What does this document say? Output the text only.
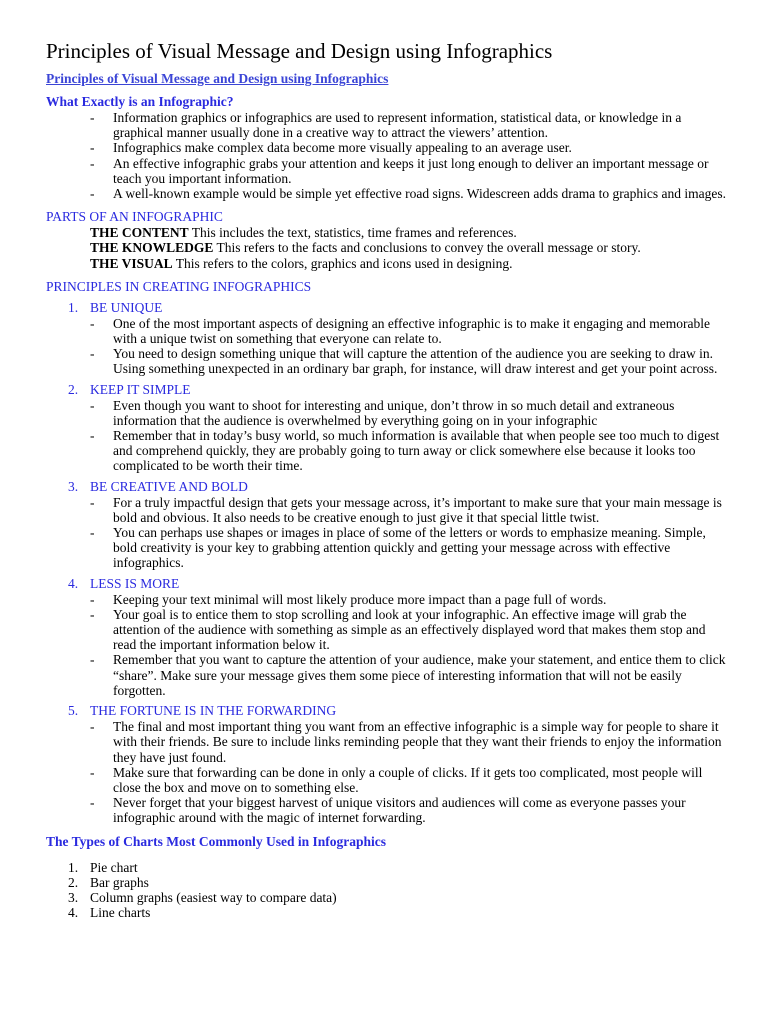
Principles of Visual Message and Design using Infographics
Principles of Visual Message and Design using Infographics
What Exactly is an Infographic?
- Information graphics or infographics are used to represent information, statistical data, or knowledge in a graphical manner usually done in a creative way to attract the viewers’ attention.
- Infographics make complex data become more visually appealing to an average user.
- An effective infographic grabs your attention and keeps it just long enough to deliver an important message or teach you important information.
- A well-known example would be simple yet effective road signs. Widescreen adds drama to graphics and images.
PARTS OF AN INFOGRAPHIC
THE CONTENT This includes the text, statistics, time frames and references.
THE KNOWLEDGE This refers to the facts and conclusions to convey the overall message or story.
THE VISUAL This refers to the colors, graphics and icons used in designing.
PRINCIPLES IN CREATING INFOGRAPHICS
1. BE UNIQUE
- One of the most important aspects of designing an effective infographic is to make it engaging and memorable with a unique twist on something that everyone can relate to.
- You need to design something unique that will capture the attention of the audience you are seeking to draw in. Using something unexpected in an ordinary bar graph, for instance, will draw interest and get your point across.
2. KEEP IT SIMPLE
- Even though you want to shoot for interesting and unique, don’t throw in so much detail and extraneous information that the audience is overwhelmed by everything going on in your infographic
- Remember that in today’s busy world, so much information is available that when people see too much to digest and comprehend quickly, they are probably going to turn away or click somewhere else because it looks too complicated to be worth their time.
3. BE CREATIVE AND BOLD
- For a truly impactful design that gets your message across, it’s important to make sure that your main message is bold and obvious. It also needs to be creative enough to just give it that special little twist.
- You can perhaps use shapes or images in place of some of the letters or words to emphasize meaning. Simple, bold creativity is your key to grabbing attention quickly and getting your message across with effective infographics.
4. LESS IS MORE
- Keeping your text minimal will most likely produce more impact than a page full of words.
- Your goal is to entice them to stop scrolling and look at your infographic. An effective image will grab the attention of the audience with something as simple as an effectively displayed word that makes them stop and read the important information below it.
- Remember that you want to capture the attention of your audience, make your statement, and entice them to click “share”. Make sure your message gives them some piece of interesting information that will not be easily forgotten.
5. THE FORTUNE IS IN THE FORWARDING
- The final and most important thing you want from an effective infographic is a simple way for people to share it with their friends. Be sure to include links reminding people that they want their friends to enjoy the information they have just found.
- Make sure that forwarding can be done in only a couple of clicks. If it gets too complicated, most people will close the box and move on to something else.
- Never forget that your biggest harvest of unique visitors and audiences will come as everyone passes your infographic around with the magic of internet forwarding.
The Types of Charts Most Commonly Used in Infographics
1. Pie chart
2. Bar graphs
3. Column graphs (easiest way to compare data)
4. Line charts
